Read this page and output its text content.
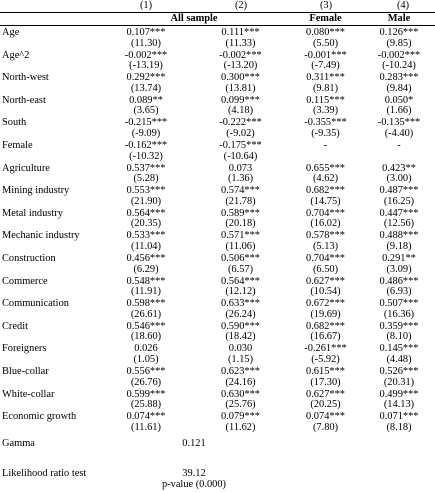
(1)	(2)	(3)	(4)
All sample	Female	Male
Age	0.107***	0.111***	0.080***	0.126***
(11.30)	(11.33)	(5.50)	(9.85)
Age^2	-0.002***	-0.002***	-0.001***	-0.002***
(-13.19)	(-13.20)	(-7.49)	(-10.24)
North-west	0.292***	0.300***	0.311***	0.283***
(13.74)	(13.81)	(9.81)	(9.84)
North-east	0.089**	0.099***	0.115***	0.050*
(3.65)	(4.18)	(3.39)	(1.66)
South	-0.215***	-0.222***	-0.355***	-0.135***
(-9.09)	(-9.02)	(-9.35)	(-4.40)
Female	-0.162***	-0.175***	-	-
(-10.32)	(-10.64)
Agriculture	0.537***	0.073	0.655***	0.423**
(5.28)	(1.36)	(4.62)	(3.00)
Mining industry	0.553***	0.574***	0.682***	0.487***
(21.90)	(21.78)	(14.75)	(16.25)
Metal industry	0.564***	0.589***	0.704***	0.447***
(20.35)	(20.18)	(16.02)	(12.56)
Mechanic industry	0.533***	0.571***	0.578***	0.488***
(11.04)	(11.06)	(5.13)	(9.18)
Construction	0.456***	0.506***	0.704***	0.291**
(6.29)	(6.57)	(6.50)	(3.09)
Commerce	0.548***	0.564***	0.627***	0.486***
(11.91)	(12.12)	(10.54)	(6.93)
Communication	0.598***	0.633***	0.672***	0.507***
(26.61)	(26.24)	(19.69)	(16.36)
Credit	0.546***	0.590***	0.682***	0.359***
(18.60)	(18.42)	(16.67)	(8.10)
Foreigners	0.026	0.030	-0.261***	0.145***
(1.05)	(1.15)	(-5.92)	(4.48)
Blue-collar	0.556***	0.623***	0.615***	0.526***
(26.76)	(24.16)	(17.30)	(20.31)
White-collar	0.599***	0.630***	0.627***	0.499***
(25.88)	(25.76)	(20.25)	(14.13)
Economic growth	0.074***	0.079***	0.074***	0.071***
(11.61)	(11.62)	(7.80)	(8.18)
Gamma	0.121
Likelihood ratio test	39.12
p-value (0.000)
